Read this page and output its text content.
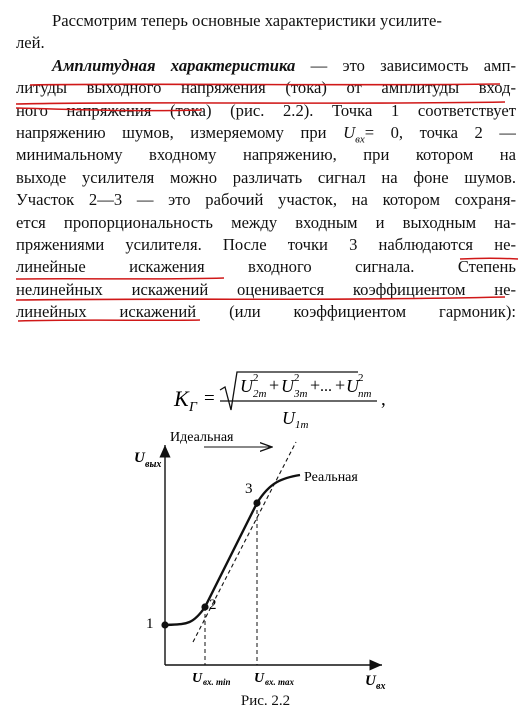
Рассмотрим теперь основные характеристики усилите-
лей.
Амплитудная характеристика — это зависимость амп-
литуды выходного напряжения (тока) от амплитуды вход-
ного напряжения (тока) (рис. 2.2). Точка 1 соответствует
напряжению шумов, измеряемому при $U_{вх}= 0$, точка 2 —
минимальному входному напряжению, при котором на
выходе усилителя можно различать сигнал на фоне шумов.
Участок 2—3 — это рабочий участок, на котором сохраня-
ется пропорциональность между входным и выходным на-
пряжениями усилителя. После точки 3 наблюдаются не-
линейные искажения входного сигнала. Степень
нелинейных искажений оценивается коэффициентом не-
линейных искажений (или коэффициентом гармоник):
K Г =
U 2
2m + U 2
3m + ... + U 2
nm
U 1m
,
Идеальная
Реальная
1
2
3
U вых
U вх
U вх. min U вх. max
Рис. 2.2
